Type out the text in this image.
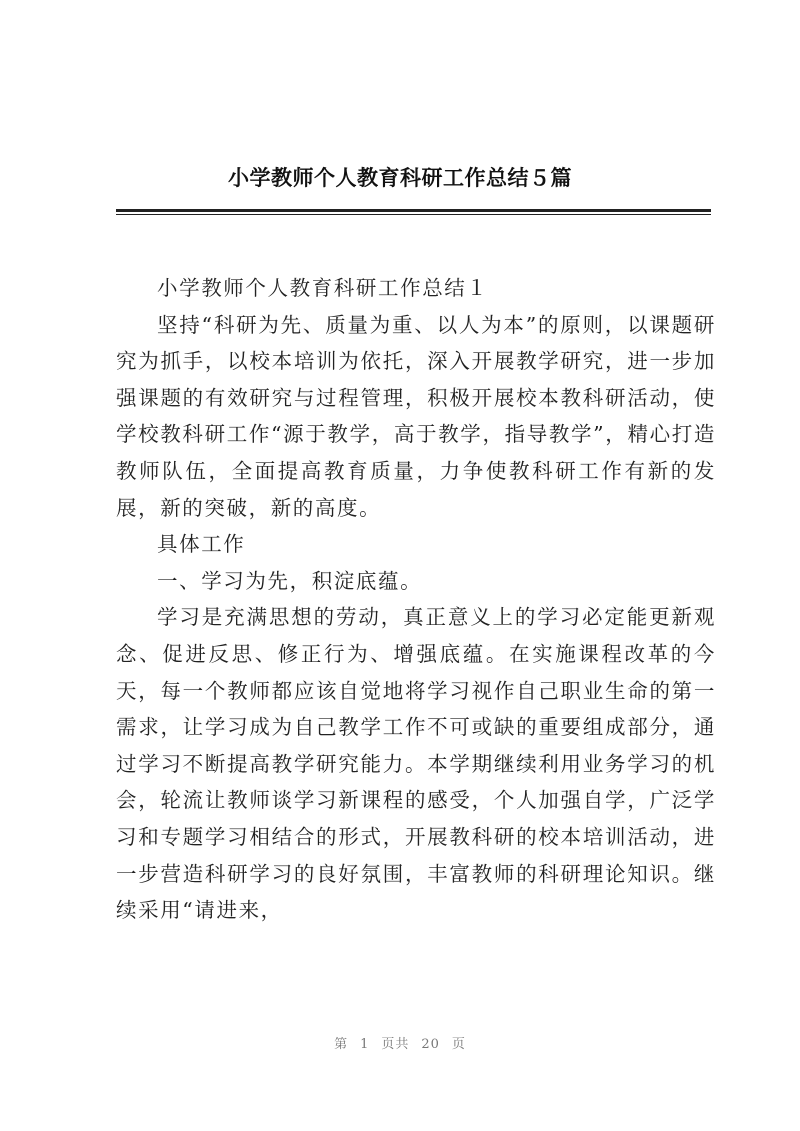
小学教师个人教育科研工作总结５篇

小学教师个人教育科研工作总结１

坚持“科研为先、质量为重、以人为本”的原则，以课题研究为抓手，以校本培训为依托，深入开展教学研究，进一步加强课题的有效研究与过程管理，积极开展校本教科研活动，使学校教科研工作“源于教学，高于教学，指导教学”，精心打造教师队伍，全面提高教育质量，力争使教科研工作有新的发展，新的突破，新的高度。

具体工作

一、学习为先，积淀底蕴。

学习是充满思想的劳动，真正意义上的学习必定能更新观念、促进反思、修正行为、增强底蕴。在实施课程改革的今天，每一个教师都应该自觉地将学习视作自己职业生命的第一需求，让学习成为自己教学工作不可或缺的重要组成部分，通过学习不断提高教学研究能力。本学期继续利用业务学习的机会，轮流让教师谈学习新课程的感受，个人加强自学，广泛学习和专题学习相结合的形式，开展教科研的校本培训活动，进一步营造科研学习的良好氛围，丰富教师的科研理论知识。继续采用“请进来，

第 1 页共 20 页
